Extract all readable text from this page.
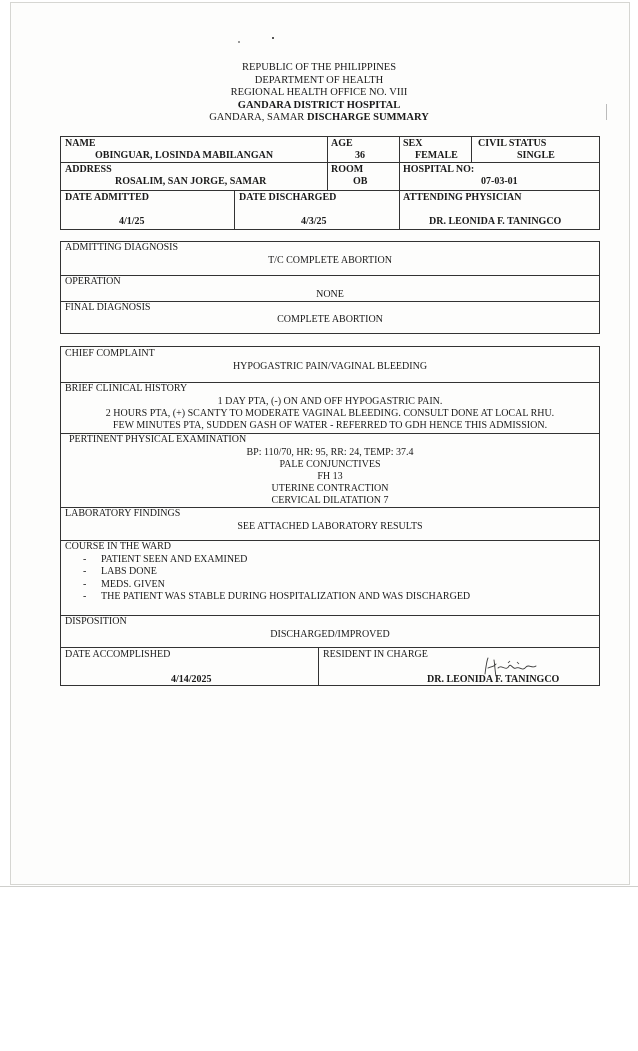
REPUBLIC OF THE PHILIPPINES
DEPARTMENT OF HEALTH
REGIONAL HEALTH OFFICE NO. VIII
GANDARA DISTRICT HOSPITAL
GANDARA, SAMAR DISCHARGE SUMMARY
NAME
OBINGUAR, LOSINDA MABILANGAN
AGE
36
SEX
FEMALE
CIVIL STATUS
SINGLE
ADDRESS
ROSALIM, SAN JORGE, SAMAR
ROOM
OB
HOSPITAL NO:
07-03-01
DATE ADMITTED
4/1/25
DATE DISCHARGED
4/3/25
ATTENDING PHYSICIAN
DR. LEONIDA F. TANINGCO
ADMITTING DIAGNOSIS
T/C COMPLETE ABORTION
OPERATION
NONE
FINAL DIAGNOSIS
COMPLETE ABORTION
CHIEF COMPLAINT
HYPOGASTRIC PAIN/VAGINAL BLEEDING
BRIEF CLINICAL HISTORY
1 DAY PTA, (-) ON AND OFF HYPOGASTRIC PAIN.
2 HOURS PTA, (+) SCANTY TO MODERATE VAGINAL BLEEDING. CONSULT DONE AT LOCAL RHU.
FEW MINUTES PTA, SUDDEN GASH OF WATER - REFERRED TO GDH HENCE THIS ADMISSION.
PERTINENT PHYSICAL EXAMINATION
BP: 110/70, HR: 95, RR: 24, TEMP: 37.4
PALE CONJUNCTIVES
FH 13
UTERINE CONTRACTION
CERVICAL DILATATION 7
LABORATORY FINDINGS
SEE ATTACHED LABORATORY RESULTS
COURSE IN THE WARD
- PATIENT SEEN AND EXAMINED
- LABS DONE
- MEDS. GIVEN
- THE PATIENT WAS STABLE DURING HOSPITALIZATION AND WAS DISCHARGED
DISPOSITION
DISCHARGED/IMPROVED
DATE ACCOMPLISHED
4/14/2025
RESIDENT IN CHARGE
DR. LEONIDA F. TANINGCO
